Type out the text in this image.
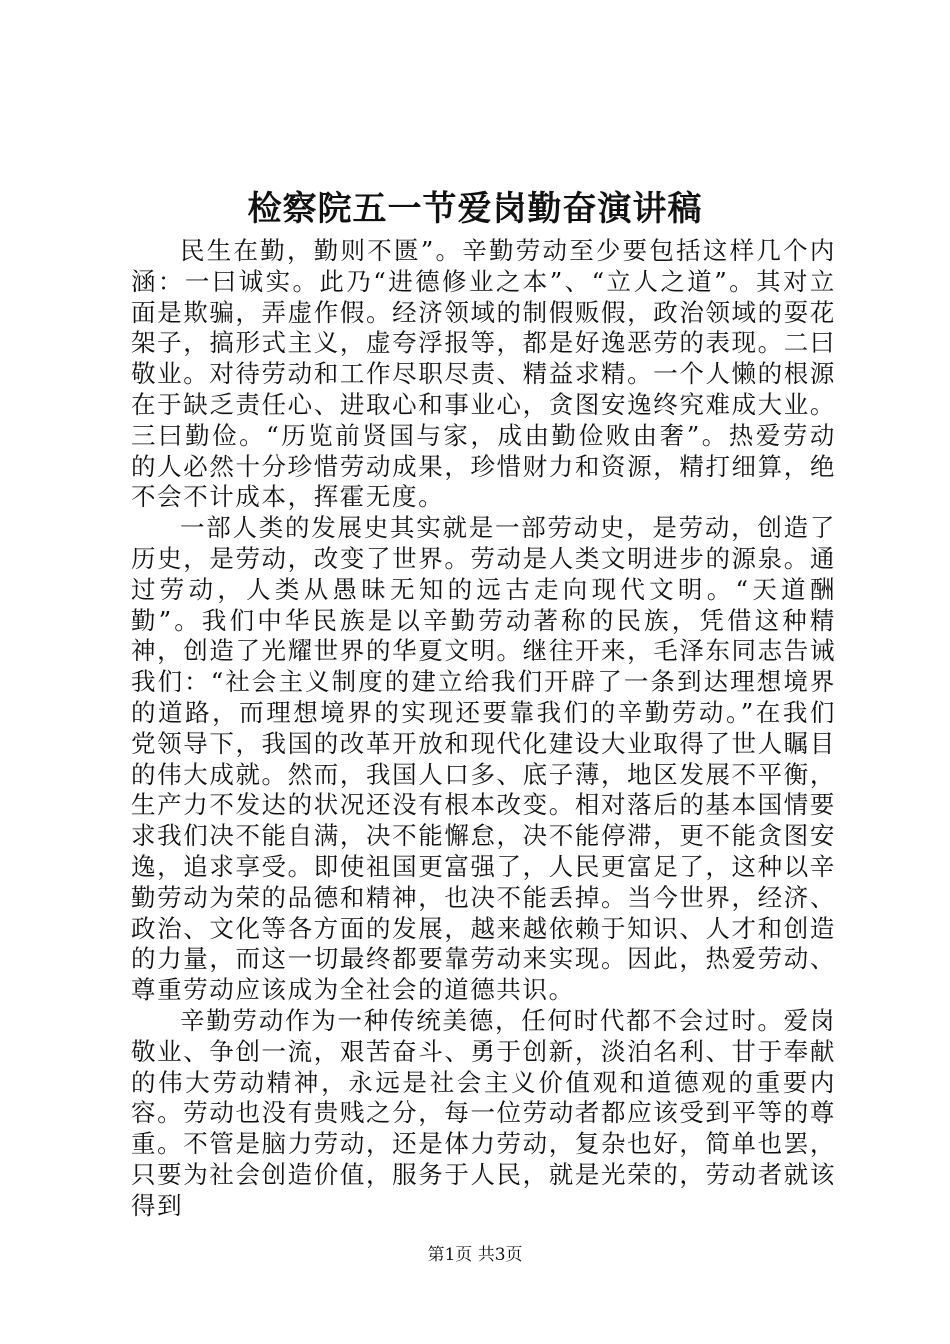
检察院五一节爱岗勤奋演讲稿

民生在勤，勤则不匮”。辛勤劳动至少要包括这样几个内涵：一曰诚实。此乃“进德修业之本”、“立人之道”。其对立面是欺骗，弄虚作假。经济领域的制假贩假，政治领域的耍花架子，搞形式主义，虚夸浮报等，都是好逸恶劳的表现。二曰敬业。对待劳动和工作尽职尽责、精益求精。一个人懒的根源在于缺乏责任心、进取心和事业心，贪图安逸终究难成大业。三曰勤俭。“历览前贤国与家，成由勤俭败由奢”。热爱劳动的人必然十分珍惜劳动成果，珍惜财力和资源，精打细算，绝不会不计成本，挥霍无度。

一部人类的发展史其实就是一部劳动史，是劳动，创造了历史，是劳动，改变了世界。劳动是人类文明进步的源泉。通过劳动，人类从愚昧无知的远古走向现代文明。“天道酬勤”。我们中华民族是以辛勤劳动著称的民族，凭借这种精神，创造了光耀世界的华夏文明。继往开来，毛泽东同志告诫我们：“社会主义制度的建立给我们开辟了一条到达理想境界的道路，而理想境界的实现还要靠我们的辛勤劳动。”在我们党领导下，我国的改革开放和现代化建设大业取得了世人瞩目的伟大成就。然而，我国人口多、底子薄，地区发展不平衡，生产力不发达的状况还没有根本改变。相对落后的基本国情要求我们决不能自满，决不能懈怠，决不能停滞，更不能贪图安逸，追求享受。即使祖国更富强了，人民更富足了，这种以辛勤劳动为荣的品德和精神，也决不能丢掉。当今世界，经济、政治、文化等各方面的发展，越来越依赖于知识、人才和创造的力量，而这一切最终都要靠劳动来实现。因此，热爱劳动、尊重劳动应该成为全社会的道德共识。

辛勤劳动作为一种传统美德，任何时代都不会过时。爱岗敬业、争创一流，艰苦奋斗、勇于创新，淡泊名利、甘于奉献的伟大劳动精神，永远是社会主义价值观和道德观的重要内容。劳动也没有贵贱之分，每一位劳动者都应该受到平等的尊重。不管是脑力劳动，还是体力劳动，复杂也好，简单也罢，只要为社会创造价值，服务于人民，就是光荣的，劳动者就该得到

第1页 共3页
